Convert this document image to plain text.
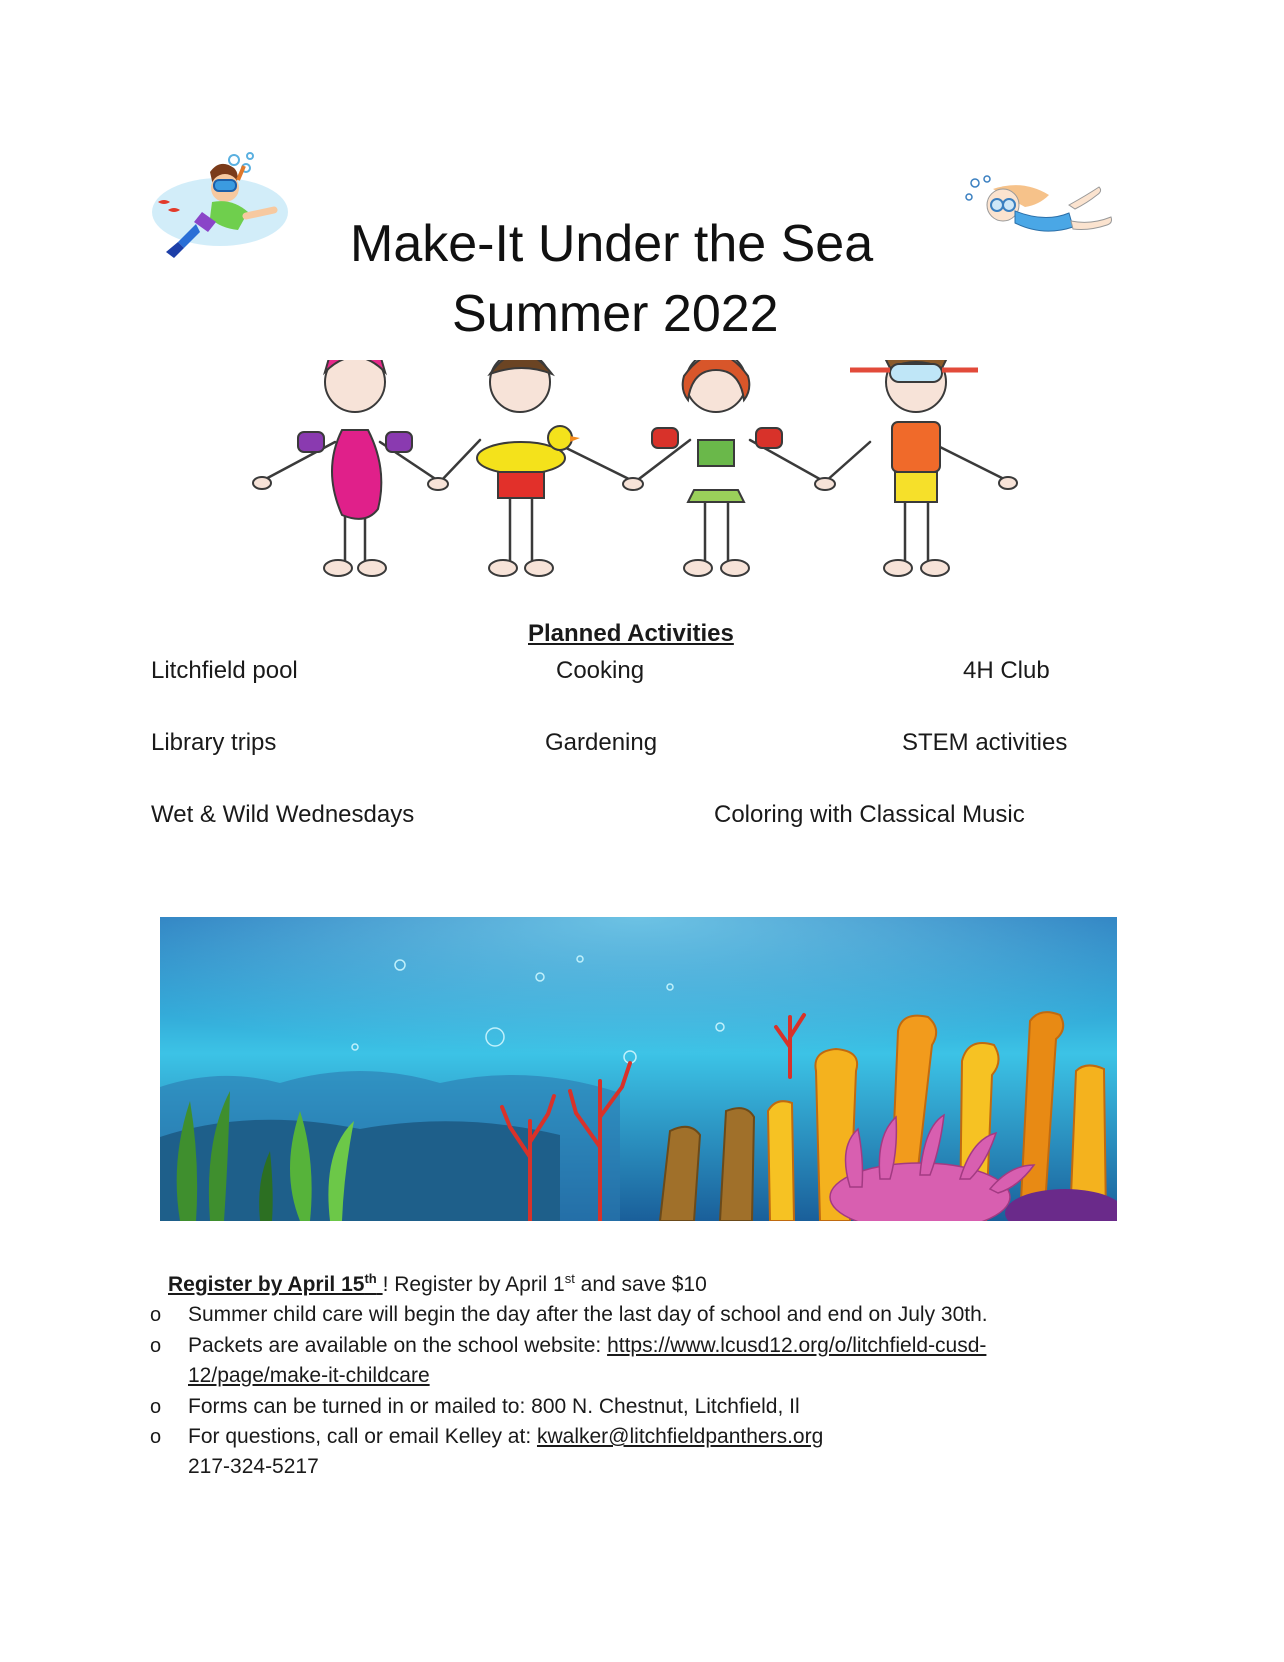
Make-It Under the Sea
Summer 2022
Planned Activities
Litchfield pool	Cooking	4H Club
Library trips	Gardening	STEM activities
Wet & Wild Wednesdays	Coloring with Classical Music
Register by April 15th ! Register by April 1st and save $10
o Summer child care will begin the day after the last day of school and end on July 30th.
o Packets are available on the school website: https://www.lcusd12.org/o/litchfield-cusd-
12/page/make-it-childcare
o Forms can be turned in or mailed to: 800 N. Chestnut, Litchfield, Il
o For questions, call or email Kelley at: kwalker@litchfieldpanthers.org
217-324-5217
